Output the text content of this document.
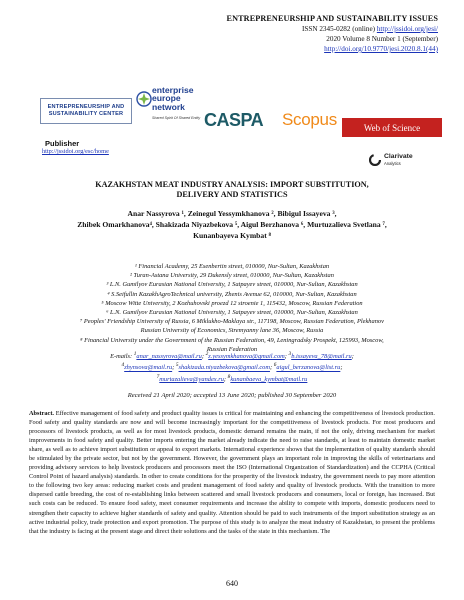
ENTREPRENEURSHIP AND SUSTAINABILITY ISSUES
ISSN 2345-0282 (online) http://jssidoi.org/jesi/
2020 Volume 8 Number 1 (September)
http://doi.org/10.9770/jesi.2020.8.1(44)
ENTREPRENEURSHIP AND
SUSTAINABILITY CENTER
enterprise
europe
network
Shared Spirit Of Shared Entity CASPA Scopus	Web of Science
Publisher
http://jssidoi.org/esc/home
Clarivate
Analytics
KAZAKHSTAN MEAT INDUSTRY ANALYSIS: IMPORT SUBSTITUTION,
DELIVERY AND STATISTICS
Anar Nassyrova ¹, Zeinegul Yessymkhanova ², Bibigul Issayeva ³,
Zhibek Omarkhanova⁴, Shakizada Niyazbekova ⁵, Aigul Berzhanova ⁶, Murtuzalieva Svetlana ⁷,
Kunanbayeva Kymbat ⁸
¹ Financial Academy, 25 Esenbertin street, 010000, Nur-Sultan, Kazakhstan
² Turan-Astana University, 29 Dukensly street, 010000, Nur-Sultan, Kazakhstan
³ L.N. Gumilyov Eurasian National University, 1 Satpayev street, 010000, Nur-Sultan, Kazakhstan
⁴ S.Seifullin KazakhAgroTechnical university, Zhenis Avenue 62, 010000, Nur-Sultan, Kazakhstan
⁵ Moscow Witte University, 2 Kozhuhovski proezd 12 stroenie 1, 115432, Moscow, Russian Federation
⁶ L.N. Gumilyov Eurasian National University, 1 Satpayev street, 010000, Nur-Sultan, Kazakhstan
⁷ Peoples' Friendship University of Russia, 6 Miklukho-Maklaya str., 117198, Moscow, Russian Federation, Plekhanov
Russian University of Economics, Stremyanny lane 36, Moscow, Russia
⁸ Financial University under the Government of the Russian Federation, 49, Leningradsky Prospekt, 125993, Moscow,
Russian Federation
E-mails: $^1$anar_nassyrova@mail.ru; $^2$z.yessymkhanova@gmail.com; $^3$b.issayeva_78@mail.ru;
$^4$zhynsova@mail.ru; $^5$shakizada.niyazbekova@gmail.com; $^6$aigul_berzanova@list.ru;
$^7$murtazalieva@yandex.ru; $^8$kunanbaeva_kymbat@mail.ru
Received 21 April 2020; accepted 13 June 2020; published 30 September 2020
Abstract. Effective management of food safety and product quality issues is critical for maintaining and enhancing the competitiveness of livestock production. Food safety and quality standards are now and will become increasingly important for the competitiveness of livestock products. For most producers and processors of livestock products, as well as for most livestock products, domestic demand remains the main, if not the only, driving mechanism for market improvements in food safety and quality. Better imports entering the market already indicate the need to raise standards, at least to maintain domestic market share, as well as to achieve import substitution or appeal to export markets. International experience shows that the implementation of quality standards should be stimulated by the private sector, but not by the government. However, the government plays an important role in improving the skills of veterinarians and providing advisory services to help livestock producers and processors meet the ISO (International Organization of Standardization) and the CCPHA (Critical Control Point of hazard analysis) standards. In other to create conditions for the prosperity of the livestock industry, the government needs to pay more attention to the following two key areas: reducing market costs and prudent management of food safety and quality of livestock products. With the transition to more dispersed cattle breeding, the cost of re-establishing links between scattered and small livestock producers and consumers, local or foreign, has increased. But such costs can be reduced. To ensure food safety, meet consumer requirements and increase the ability to compete with imports, domestic producers need to strengthen their capacity to achieve higher standards of safety and quality. Attention should be paid to such instruments of the import substitution strategy as an active industrial policy, trade protection and export promotion. The purpose of this study is to analyze the meat industry of Kazakhstan, to present the problems that the industry is facing at the present stage and direct their solutions and the tasks of the state in this mechanism. The
640
